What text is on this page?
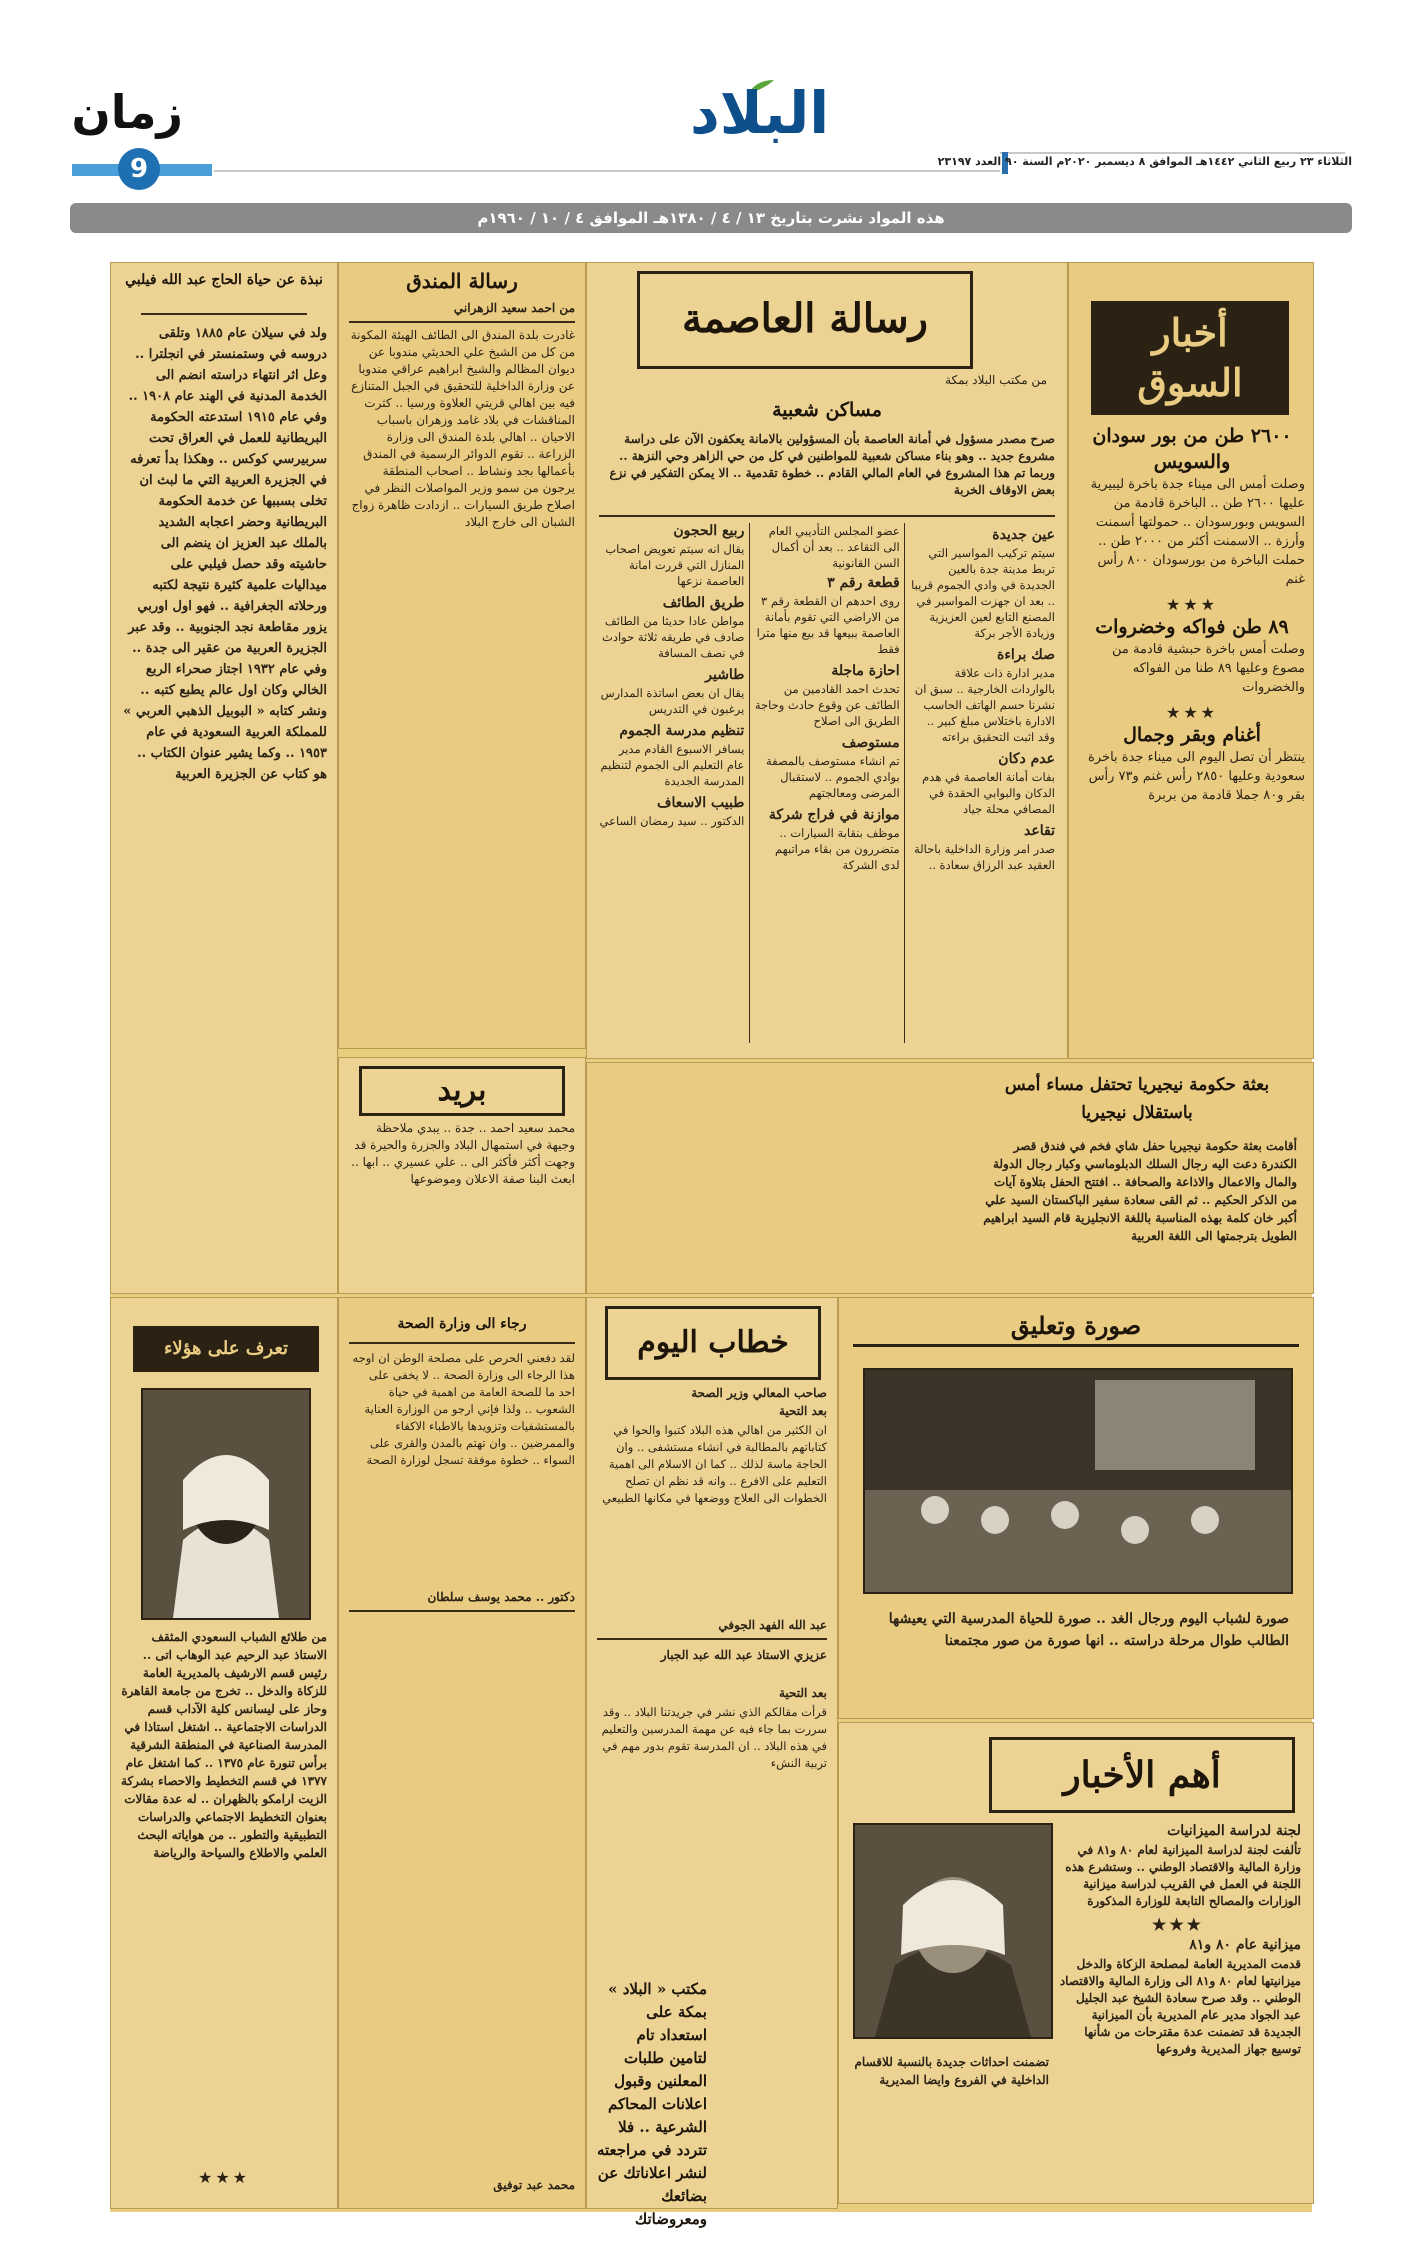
البلاد
الثلاثاء ٢٣ ربيع الثاني ١٤٤٢هـ الموافق ٨ ديسمبر ٢٠٢٠م السنة ٩٠ العدد ٢٣١٩٧
زمان
9
هذه المواد نشرت بتاريخ ١٣ / ٤ / ١٣٨٠هـ الموافق ٤ / ١٠ / ١٩٦٠م
أخبار السوق
٢٦٠٠ طن من بور سودان والسويس

وصلت أمس الى ميناء جدة باخرة ليبيرية عليها ٢٦٠٠ طن .. الباخرة قادمة من السويس وبورسودان .. حمولتها أسمنت وأرزة .. الاسمنت أكثر من ٢٠٠٠ طن .. حملت الباخرة من بورسودان ٨٠٠ رأس غنم

★★★
٨٩ طن فواكه وخضروات

وصلت أمس باخرة حبشية قادمة من مصوع وعليها ٨٩ طنا من الفواكه والخضروات

★★★
أغنام وبقر وجمال

ينتظر أن تصل اليوم الى ميناء جدة باخرة سعودية وعليها ٢٨٥٠ رأس غنم و٧٣ رأس بقر و٨٠ جملا قادمة من بربرة

رسالة العاصمة
من مكتب البلاد بمكة
مساكن شعبية
صرح مصدر مسؤول في أمانة العاصمة بأن المسؤولين بالامانة يعكفون الآن على دراسة مشروع جديد .. وهو بناء مساكن شعبية للمواطنين في كل من حي الزاهر وحي النزهة .. وربما تم هذا المشروع في العام المالي القادم .. خطوة تقدمية .. الا يمكن التفكير في نزع بعض الاوقاف الخربة
عين جديدة

سيتم تركيب المواسير التي تربط مدينة جدة بالعين الجديدة في وادي الجموم قريبا .. بعد ان جهزت المواسير في المصنع التابع لعين العزيزية وزيادة الأجر بركة

صك براءة

مدير ادارة ذات علاقة بالواردات الخارجية .. سبق ان نشرنا حسم الهاتف الحاسب الادارة باختلاس مبلغ كبير .. وقد اثبت التحقيق براءته

عدم دكان

بفات أمانة العاصمة في هدم الدكان والبوابي الحقدة في المصافي محلة جياد

تقاعد

صدر امر وزارة الداخلية باحالة العقيد عبد الرزاق سعادة .. عضو المجلس التأديبي العام الى التقاعد .. بعد أن أكمال السن القانونية

قطعة رقم ٣

روى احدهم ان القطعة رقم ٣ من الاراضي التي تقوم بأمانة العاصمة ببيعها قد بيع منها مترا فقط

احازة ماجلة

تحدث احمد القادمين من الطائف عن وقوع حادث وحاجة الطريق الى اصلاح

مستوصف

تم انشاء مستوصف بالمصفة بوادي الجموم .. لاستقبال المرضى ومعالجتهم

موازنة في فراج شركة

موظف بنقابة السيارات .. متضررون من بقاء مراتبهم لدى الشركة

ربيع الحجون

يقال انه سيتم تعويض اصحاب المنازل التي قررت امانة العاصمة نزعها

طريق الطائف

مواطن عادا حديثا من الطائف صادف في طريقه ثلاثة حوادث في نصف المسافة

طاشير

يقال ان بعض اساتذة المدارس يرغبون في التدريس

تنظيم مدرسة الجموم

يسافر الاسبوع القادم مدير عام التعليم الى الجموم لتنظيم المدرسة الجديدة

طبيب الاسعاف

الدكتور .. سيد رمضان الساعي

رسالة المندق
من احمد سعيد الزهراني
غادرت بلدة المندق الى الطائف الهيئة المكونة من كل من الشيخ علي الحديثي مندوبا عن ديوان المظالم والشيخ ابراهيم عراقي مندوبا عن وزارة الداخلية للتحقيق في الجبل المتنازع فيه بين اهالي قريتي العلاوة ورسيا .. كثرت المناقشات في بلاد غامد وزهران باسباب الاحيان .. اهالي بلدة المندق الى وزارة الزراعة .. تقوم الدوائر الرسمية في المندق بأعمالها بجد ونشاط .. اصحاب المنطقة يرجون من سمو وزير المواصلات النظر في اصلاح طريق السيارات .. ازدادت ظاهرة زواج الشبان الى خارج البلاد
بريد
محمد سعيد احمد .. جدة .. يبدي ملاحظة وجيهة في استمهال البلاد والجزرة والحيرة قد وجهت أكثر فأكثر الى .. علي عسيري .. ابها .. ابعث البنا صفة الاعلان وموضوعها
نبذة عن حياة الحاج عبد الله فيلبي
ولد في سيلان عام ١٨٨٥ وتلقى دروسه في وستمنستر في انجلترا .. وعل اثر انتهاء دراسته انضم الى الخدمة المدنية في الهند عام ١٩٠٨ .. وفي عام ١٩١٥ استدعته الحكومة البريطانية للعمل في العراق تحت سربيرسي كوكس .. وهكذا بدأ تعرفه في الجزيرة العربية التي ما لبث ان تخلى بسببها عن خدمة الحكومة البريطانية وحضر اعجابه الشديد بالملك عبد العزيز ان ينضم الى حاشيته وقد حصل فيلبي على ميداليات علمية كثيرة نتيجة لكتبه ورحلاته الجغرافية .. فهو اول اوربي يزور مقاطعة نجد الجنوبية .. وقد عبر الجزيرة العربية من عقير الى جدة .. وفي عام ١٩٣٢ اجتاز صحراء الربع الخالي وكان اول عالم يطبع كتبه .. ونشر كتابه « البوبيل الذهبي العربي » للمملكة العربية السعودية في عام ١٩٥٣ .. وكما يشير عنوان الكتاب .. هو كتاب عن الجزيرة العربية
بعثة حكومة نيجيريا تحتفل مساء أمس باستقلال نيجيريا
أقامت بعثة حكومة نيجيريا حفل شاي فخم في فندق قصر الكندرة دعت اليه رجال السلك الدبلوماسي وكبار رجال الدولة والمال والاعمال والاذاعة والصحافة .. افتتح الحفل بتلاوة آيات من الذكر الحكيم .. ثم القى سعادة سفير الباكستان السيد علي أكبر خان كلمة بهذه المناسبة باللغة الانجليزية قام السيد ابراهيم الطويل بترجمتها الى اللغة العربية
تعرف على هؤلاء
من طلائع الشباب السعودي المثقف الاستاذ عبد الرحيم عبد الوهاب اتى .. رئيس قسم الارشيف بالمديرية العامة للزكاة والدخل .. تخرج من جامعة القاهرة وحاز على ليسانس كلية الآداب قسم الدراسات الاجتماعية .. اشتغل استاذا في المدرسة الصناعية في المنطقة الشرقية برأس تنورة عام ١٣٧٥ .. كما اشتغل عام ١٣٧٧ في قسم التخطيط والاحصاء بشركة الزيت ارامكو بالظهران .. له عدة مقالات بعنوان التخطيط الاجتماعي والدراسات التطبيقية والتطور .. من هواياته البحث العلمي والاطلاع والسياحة والرياضة
★★★
رجاء الى وزارة الصحة
لقد دفعني الحرص على مصلحة الوطن ان اوجه هذا الرجاء الى وزارة الصحة .. لا يخفى على احد ما للصحة العامة من اهمية في حياة الشعوب .. ولذا فإني ارجو من الوزارة العناية بالمستشفيات وتزويدها بالاطباء الاكفاء والممرضين .. وان تهتم بالمدن والقرى على السواء .. خطوة موفقة تسجل لوزارة الصحة
دكتور .. محمد يوسف سلطان
محمد عبد توفيق
خطاب اليوم
صاحب المعالي وزير الصحة
بعد التحية
ان الكثير من اهالي هذه البلاد كتبوا والحوا في كتاباتهم بالمطالبة في انشاء مستشفى .. وان الحاجة ماسة لذلك .. كما ان الاسلام الى اهمية التعليم على الافرع .. وانه قد نظم ان تصلح الخطوات الى العلاج ووضعها في مكانها الطبيعي
عبد الله الفهد الجوفي
عزيزي الاستاذ عبد الله عبد الجبار
بعد التحية
قرأت مقالكم الذي نشر في جريدتنا البلاد .. وقد سررت بما جاء فيه عن مهمة المدرسين والتعليم في هذه البلاد .. ان المدرسة تقوم بدور مهم في تربية النشء
مكتب « البلاد » بمكة على استعداد تام لتامين طلبات المعلنين وقبول اعلانات المحاكم الشرعية .. فلا تتردد في مراجعته لنشر اعلاناتك عن بضائعك ومعروضاتك
صورة وتعليق
صورة لشباب اليوم ورجال الغد .. صورة للحياة المدرسية التي يعيشها الطالب طوال مرحلة دراسته .. انها صورة من صور مجتمعنا
أهم الأخبار
لجنة لدراسة الميزانيات

تألفت لجنة لدراسة الميزانية لعام ٨٠ و٨١ في وزارة المالية والاقتصاد الوطني .. وستشرع هذه اللجنة في العمل في القريب لدراسة ميزانية الوزارات والمصالح التابعة للوزارة المذكورة

★★★
ميزانية عام ٨٠ و٨١

قدمت المديرية العامة لمصلحة الزكاة والدخل ميزانيتها لعام ٨٠ و٨١ الى وزارة المالية والاقتصاد الوطني .. وقد صرح سعادة الشيخ عبد الجليل عبد الجواد مدير عام المديرية بأن الميزانية الجديدة قد تضمنت عدة مقترحات من شأنها توسيع جهاز المديرية وفروعها

تضمنت احداثات جديدة بالنسبة للاقسام الداخلية في الفروع وايضا المديرية
